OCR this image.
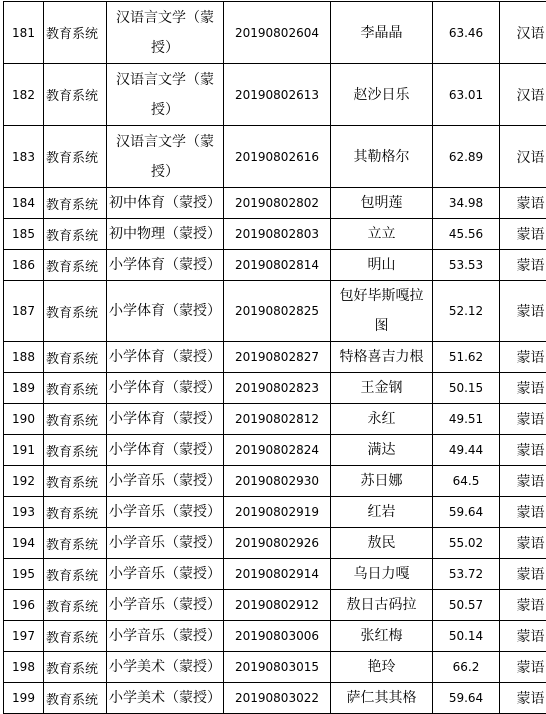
181	教育系统	汉语言文学（蒙授）	20190802604	李晶晶	63.46	汉语
182	教育系统	汉语言文学（蒙授）	20190802613	赵沙日乐	63.01	汉语
183	教育系统	汉语言文学（蒙授）	20190802616	其勒格尔	62.89	汉语
184	教育系统	初中体育（蒙授）	20190802802	包明莲	34.98	蒙语
185	教育系统	初中物理（蒙授）	20190802803	立立	45.56	蒙语
186	教育系统	小学体育（蒙授）	20190802814	明山	53.53	蒙语
187	教育系统	小学体育（蒙授）	20190802825	包好毕斯嘎拉图	52.12	蒙语
188	教育系统	小学体育（蒙授）	20190802827	特格喜吉力根	51.62	蒙语
189	教育系统	小学体育（蒙授）	20190802823	王金钢	50.15	蒙语
190	教育系统	小学体育（蒙授）	20190802812	永红	49.51	蒙语
191	教育系统	小学体育（蒙授）	20190802824	满达	49.44	蒙语
192	教育系统	小学音乐（蒙授）	20190802930	苏日娜	64.5	蒙语
193	教育系统	小学音乐（蒙授）	20190802919	红岩	59.64	蒙语
194	教育系统	小学音乐（蒙授）	20190802926	敖民	55.02	蒙语
195	教育系统	小学音乐（蒙授）	20190802914	乌日力嘎	53.72	蒙语
196	教育系统	小学音乐（蒙授）	20190802912	敖日古码拉	50.57	蒙语
197	教育系统	小学音乐（蒙授）	20190803006	张红梅	50.14	蒙语
198	教育系统	小学美术（蒙授）	20190803015	艳玲	66.2	蒙语
199	教育系统	小学美术（蒙授）	20190803022	萨仁其其格	59.64	蒙语
